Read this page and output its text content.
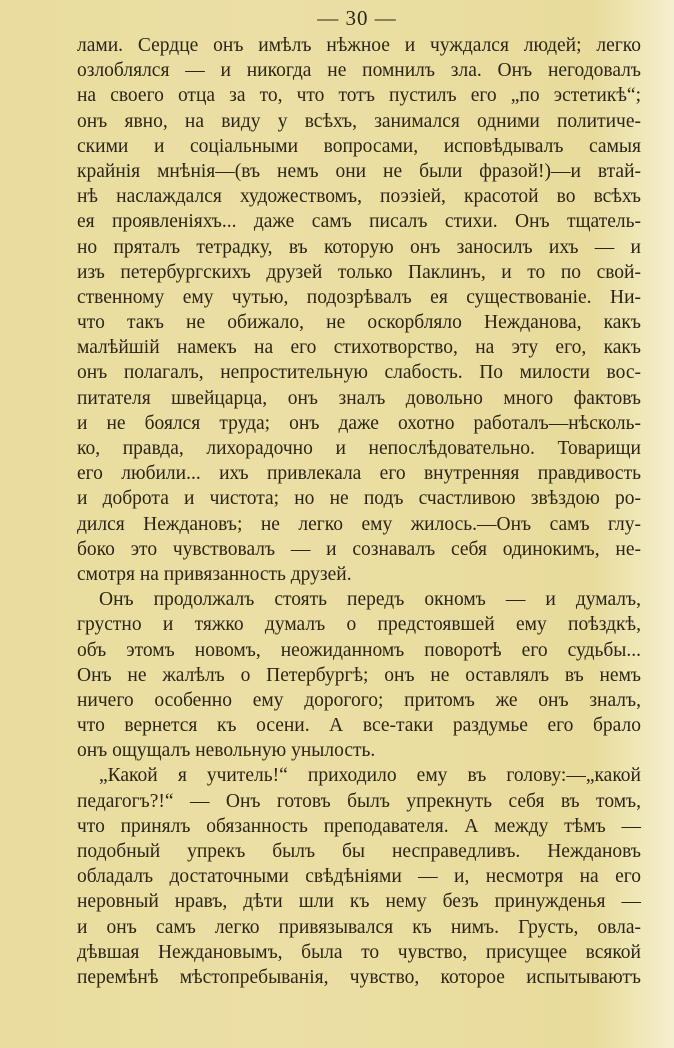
— 30 —
лами. Сердце онъ имѣлъ нѣжное и чуждался людей; легко
озлоблялся — и никогда не помнилъ зла. Онъ негодовалъ
на своего отца за то, что тотъ пустилъ его „по эстетикѣ“;
онъ явно, на виду у всѣхъ, занимался одними политиче-
скими и соціальными вопросами, исповѣдывалъ самыя
крайнія мнѣнія—(въ немъ они не были фразой!)—и втай-
нѣ наслаждался художествомъ, поэзіей, красотой во всѣхъ
ея проявленіяхъ... даже самъ писалъ стихи. Онъ тщатель-
но пряталъ тетрадку, въ которую онъ заносилъ ихъ — и
изъ петербургскихъ друзей только Паклинъ, и то по свой-
ственному ему чутью, подозрѣвалъ ея существованіе. Ни-
что такъ не обижало, не оскорбляло Нежданова, какъ
малѣйшій намекъ на его стихотворство, на эту его, какъ
онъ полагалъ, непростительную слабость. По милости вос-
питателя швейцарца, онъ зналъ довольно много фактовъ
и не боялся труда; онъ даже охотно работалъ—нѣсколь-
ко, правда, лихорадочно и непослѣдовательно. Товарищи
его любили... ихъ привлекала его внутренняя правдивость
и доброта и чистота; но не подъ счастливою звѣздою ро-
дился Неждановъ; не легко ему жилось.—Онъ самъ глу-
боко это чувствовалъ — и сознавалъ себя одинокимъ, не-
смотря на привязанность друзей.
Онъ продолжалъ стоять передъ окномъ — и думалъ,
грустно и тяжко думалъ о предстоявшей ему поѣздкѣ,
объ этомъ новомъ, неожиданномъ поворотѣ его судьбы...
Онъ не жалѣлъ о Петербургѣ; онъ не оставлялъ въ немъ
ничего особенно ему дорогого; притомъ же онъ зналъ,
что вернется къ осени. А все-таки раздумье его брало
онъ ощущалъ невольную унылость.
„Какой я учитель!“ приходило ему въ голову:—„какой
педагогъ?!“ — Онъ готовъ былъ упрекнуть себя въ томъ,
что принялъ обязанность преподавателя. А между тѣмъ —
подобный упрекъ былъ бы несправедливъ. Неждановъ
обладалъ достаточными свѣдѣніями — и, несмотря на его
неровный нравъ, дѣти шли къ нему безъ принужденья —
и онъ самъ легко привязывался къ нимъ. Грусть, овла-
дѣвшая Неждановымъ, была то чувство, присущее всякой
перемѣнѣ мѣстопребыванія, чувство, которое испытываютъ
